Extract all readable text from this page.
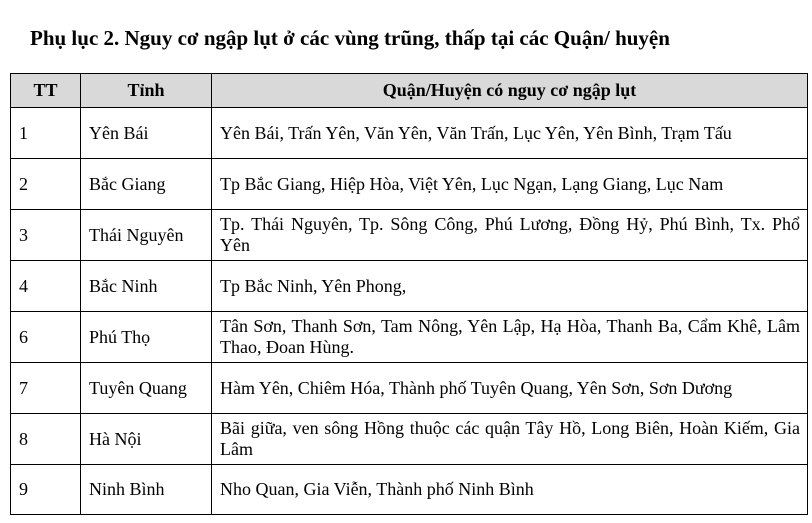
Phụ lục 2. Nguy cơ ngập lụt ở các vùng trũng, thấp tại các Quận/ huyện
TT	Tỉnh	Quận/Huyện có nguy cơ ngập lụt
1	Yên Bái	Yên Bái, Trấn Yên, Văn Yên, Văn Trấn, Lục Yên, Yên Bình, Trạm Tấu
2	Bắc Giang	Tp Bắc Giang, Hiệp Hòa, Việt Yên, Lục Ngạn, Lạng Giang, Lục Nam
3	Thái Nguyên	Tp. Thái Nguyên, Tp. Sông Công, Phú Lương, Đồng Hỷ, Phú Bình, Tx. Phổ Yên
4	Bắc Ninh	Tp Bắc Ninh, Yên Phong,
6	Phú Thọ	Tân Sơn, Thanh Sơn, Tam Nông, Yên Lập, Hạ Hòa, Thanh Ba, Cẩm Khê, Lâm Thao, Đoan Hùng.
7	Tuyên Quang	Hàm Yên, Chiêm Hóa, Thành phố Tuyên Quang, Yên Sơn, Sơn Dương
8	Hà Nội	Bãi giữa, ven sông Hồng thuộc các quận Tây Hồ, Long Biên, Hoàn Kiếm, Gia Lâm
9	Ninh Bình	Nho Quan, Gia Viễn, Thành phố Ninh Bình
